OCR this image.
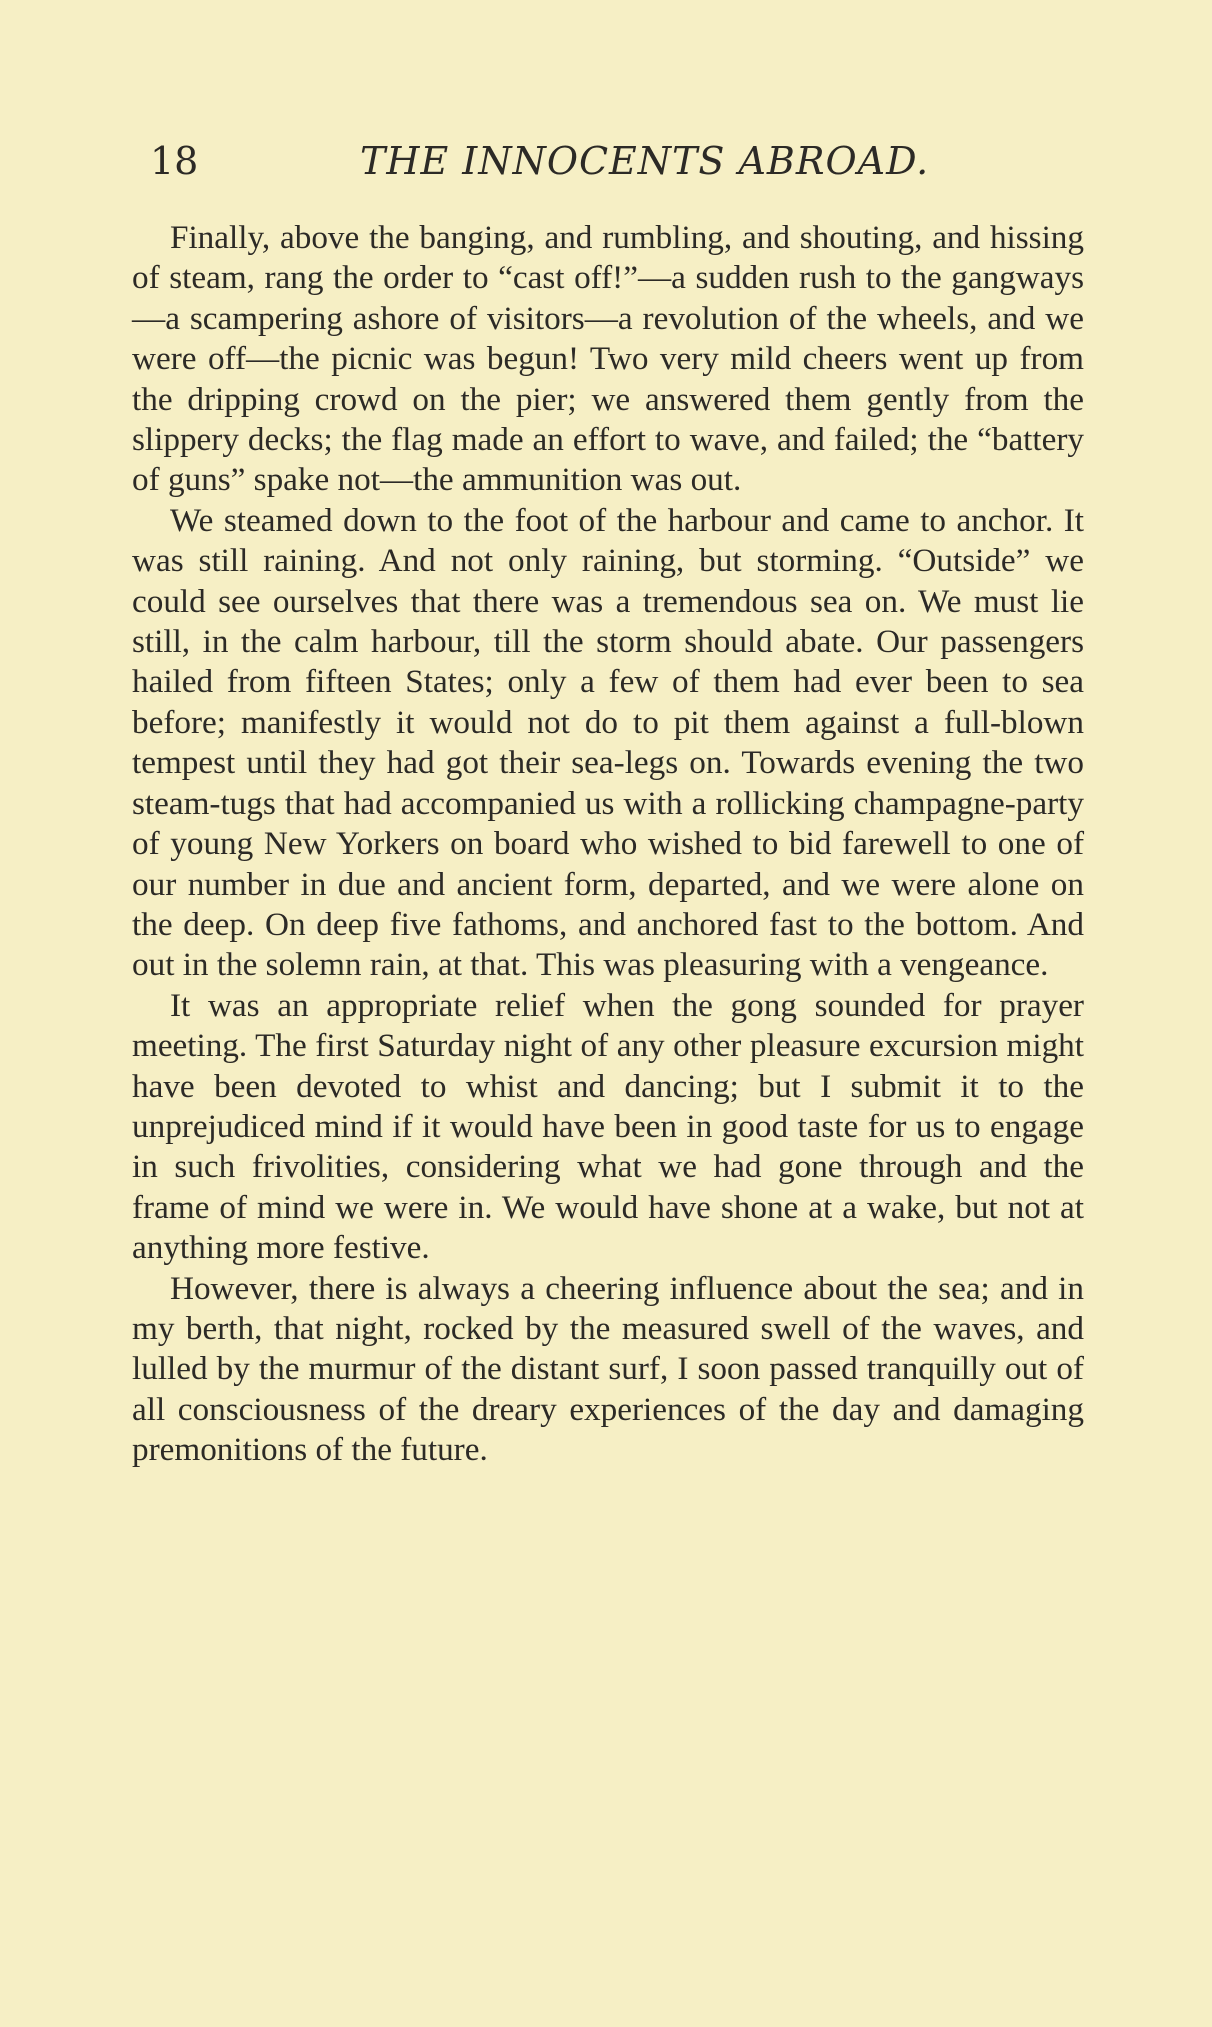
18	THE INNOCENTS ABROAD.

Finally, above the banging, and rumbling, and shouting, and hissing of steam, rang the order to “cast off!”—a sudden rush to the gangways—a scampering ashore of visitors—a revolution of the wheels, and we were off—the picnic was begun! Two very mild cheers went up from the dripping crowd on the pier; we answered them gently from the slippery decks; the flag made an effort to wave, and failed; the “battery of guns” spake not—the ammunition was out.

We steamed down to the foot of the harbour and came to anchor. It was still raining. And not only raining, but storming. “Outside” we could see ourselves that there was a tremendous sea on. We must lie still, in the calm harbour, till the storm should abate. Our passengers hailed from fifteen States; only a few of them had ever been to sea before; manifestly it would not do to pit them against a full-blown tempest until they had got their sea-legs on. Towards evening the two steam-tugs that had accompanied us with a rollicking champagne-party of young New Yorkers on board who wished to bid farewell to one of our number in due and ancient form, departed, and we were alone on the deep. On deep five fathoms, and anchored fast to the bottom. And out in the solemn rain, at that. This was pleasuring with a vengeance.

It was an appropriate relief when the gong sounded for prayer meeting. The first Saturday night of any other pleasure excursion might have been devoted to whist and dancing; but I submit it to the unprejudiced mind if it would have been in good taste for us to engage in such frivolities, considering what we had gone through and the frame of mind we were in. We would have shone at a wake, but not at anything more festive.

However, there is always a cheering influence about the sea; and in my berth, that night, rocked by the measured swell of the waves, and lulled by the murmur of the distant surf, I soon passed tranquilly out of all consciousness of the dreary experiences of the day and damaging premonitions of the future.
